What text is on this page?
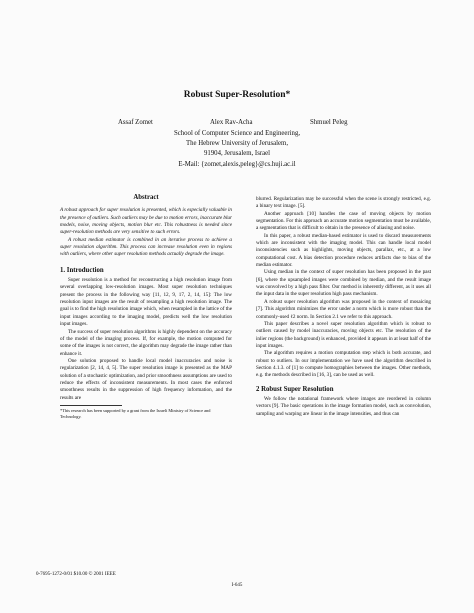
Robust Super-Resolution*
Assaf Zomet	Alex Rav-Acha	Shmuel Peleg
School of Computer Science and Engineering,
The Hebrew University of Jerusalem,
91904, Jerusalem, Israel
E-Mail: {zomet,alexis,peleg}@cs.huji.ac.il
Abstract

A robust approach for super resolution is presented, which is especially valuable in the presence of outliers. Such outliers may be due to motion errors, inaccurate blur models, noise, moving objects, motion blur etc. This robustness is needed since super-resolution methods are very sensitive to such errors.

A robust median estimator is combined in an iterative process to achieve a super resolution algorithm. This process can increase resolution even in regions with outliers, where other super resolution methods actually degrade the image.

1. Introduction

Super resolution is a method for reconstructing a high resolution image from several overlapping low-resolution images. Most super resolution techniques present the process in the following way [11, 12, 9, 17, 2, 14, 15]: The low resolution input images are the result of resampling a high resolution image. The goal is to find the high resolution image which, when resampled in the lattice of the input images according to the imaging model, predicts well the low resolution input images.

The success of super resolution algorithms is highly dependent on the accuracy of the model of the imaging process. If, for example, the motion computed for some of the images is not correct, the algorithm may degrade the image rather than enhance it.

One solution proposed to handle local model inaccuracies and noise is regularization [2, 14, 4, 5]. The super resolution image is presented as the MAP solution of a stochastic optimization, and prior smoothness assumptions are used to reduce the effects of inconsistent measurements. In most cases the enforced smoothness results in the suppression of high frequency information, and the results are

*This research has been supported by a grant from the Israeli Ministry of Science and Technology.

blurred. Regularization may be successful when the scene is strongly restricted, e.g. a binary text image. [5].

Another approach [10] handles the case of moving objects by motion segmentation. For this approach an accurate motion segmentation must be available, a segmentation that is difficult to obtain in the presence of aliasing and noise.

In this paper, a robust median-based estimator is used to discard measurements which are inconsistent with the imaging model. This can handle local model inconsistencies such as highlights, moving objects, parallax, etc., at a low computational cost. A bias detection procedure reduces artifacts due to bias of the median estimator.

Using median in the context of super resolution has been proposed in the past [6], where the upsampled images were combined by median, and the result image was convolved by a high pass filter. Our method is inherently different, as it uses all the input data in the super resolution high pass mechanism.

A robust super resolution algorithm was proposed in the context of mosaicing [7]. This algorithm minimizes the error under a norm which is more robust than the commonly-used ℓ2 norm. In Section 2.1 we refer to this approach.

This paper describes a novel super resolution algorithm which is robust to outliers caused by model inaccuracies, moving objects etc. The resolution of the inlier regions (the background) is enhanced, provided it appears in at least half of the input images.

The algorithm requires a motion computation step which is both accurate, and robust to outliers. In our implementation we have used the algorithm described in Section 4.1.3. of [1] to compute homographies between the images. Other methods, e.g. the methods described in [16, 3], can be used as well.

2 Robust Super Resolution

We follow the notational framework where images are reordered in column vectors [9]. The basic operations in the image formation model, such as convolution, sampling and warping are linear in the image intensities, and thus can

0-7695-1272-0/01 $10.00 © 2001 IEEE
I-645
